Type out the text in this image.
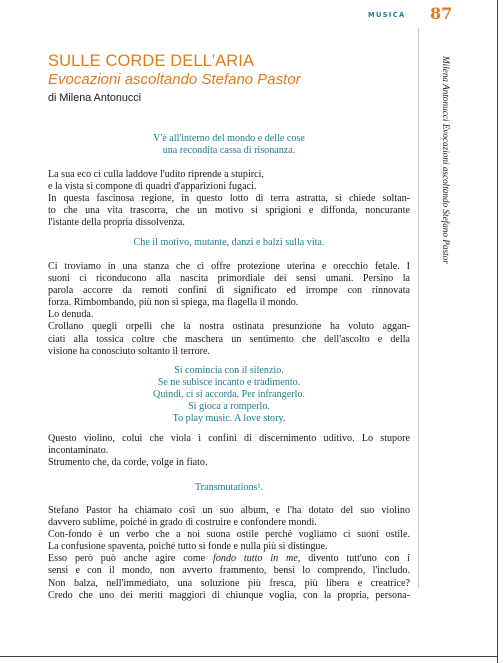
MUSICA 87
Milena Antonucci Evocazioni ascoltando Stefano Pastor
SULLE CORDE DELL'ARIA
Evocazioni ascoltando Stefano Pastor
di Milena Antonucci
V'è all'interno del mondo e delle cose
una recondita cassa di risonanza.
La sua eco ci culla laddove l'udito riprende a stupirci,
e la vista si compone di quadri d'apparizioni fugaci.
In questa fascinosa regione, in questo lotto di terra astratta, si chiede soltan-
to che una vita trascorra, che un motivo si sprigioni e diffonda, noncurante
l'istante della propria dissolvenza.
Che il motivo, mutante, danzi e balzi sulla vita.
Ci troviamo in una stanza che ci offre protezione uterina e orecchio fetale. I
suoni ci riconducono alla nascita primordiale dei sensi umani. Persino la
parola accorre da remoti confini di significato ed irrompe con rinnovata
forza. Rimbombando, più non si spiega, ma flagella il mondo.
Lo denuda.
Crollano quegli orpelli che la nostra ostinata presunzione ha voluto aggan-
ciati alla tossica coltre che maschera un sentimento che dell'ascolto e della
visione ha conosciuto soltanto il terrore.
Si comincia con il silenzio.
Se ne subisce incanto e tradimento.
Quindi, ci si accorda. Per infrangerlo.
Si gioca a romperlo.
To play music. A love story.
Questo violino, colui che viola i confini di discernimento uditivo. Lo stupore
incontaminato.
Strumento che, da corde, volge in fiato.
Transmutations¹.
Stefano Pastor ha chiamato così un suo album, e l'ha dotato del suo violino
davvero sublime, poiché in grado di costruire e confondere mondi.
Con-fondo è un verbo che a noi suona ostile perché vogliamo ci suoni ostile.
La confusione spaventa, poiché tutto si fonde e nulla più si distingue.
Esso però può anche agire come fondo tutto in me, divento tutt'uno con i
sensi e con il mondo, non avverto frammento, bensì lo comprendo, l'includo.
Non balza, nell'immediato, una soluzione più fresca, più libera e creatrice?
Credo che uno dei meriti maggiori di chiunque voglia, con la propria, persona-
